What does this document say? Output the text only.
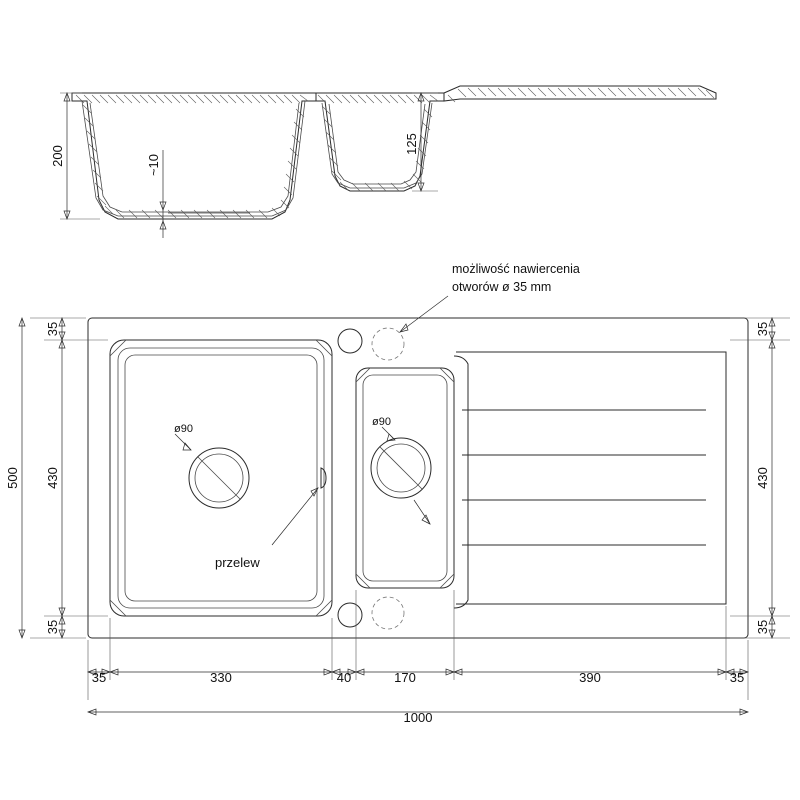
200	~10
125
ø90
przelew
ø90
możliwość nawiercenia
otworów ø 35 mm
35
430
35
500
35
430
35
35	330	40	170	390	35
1000
